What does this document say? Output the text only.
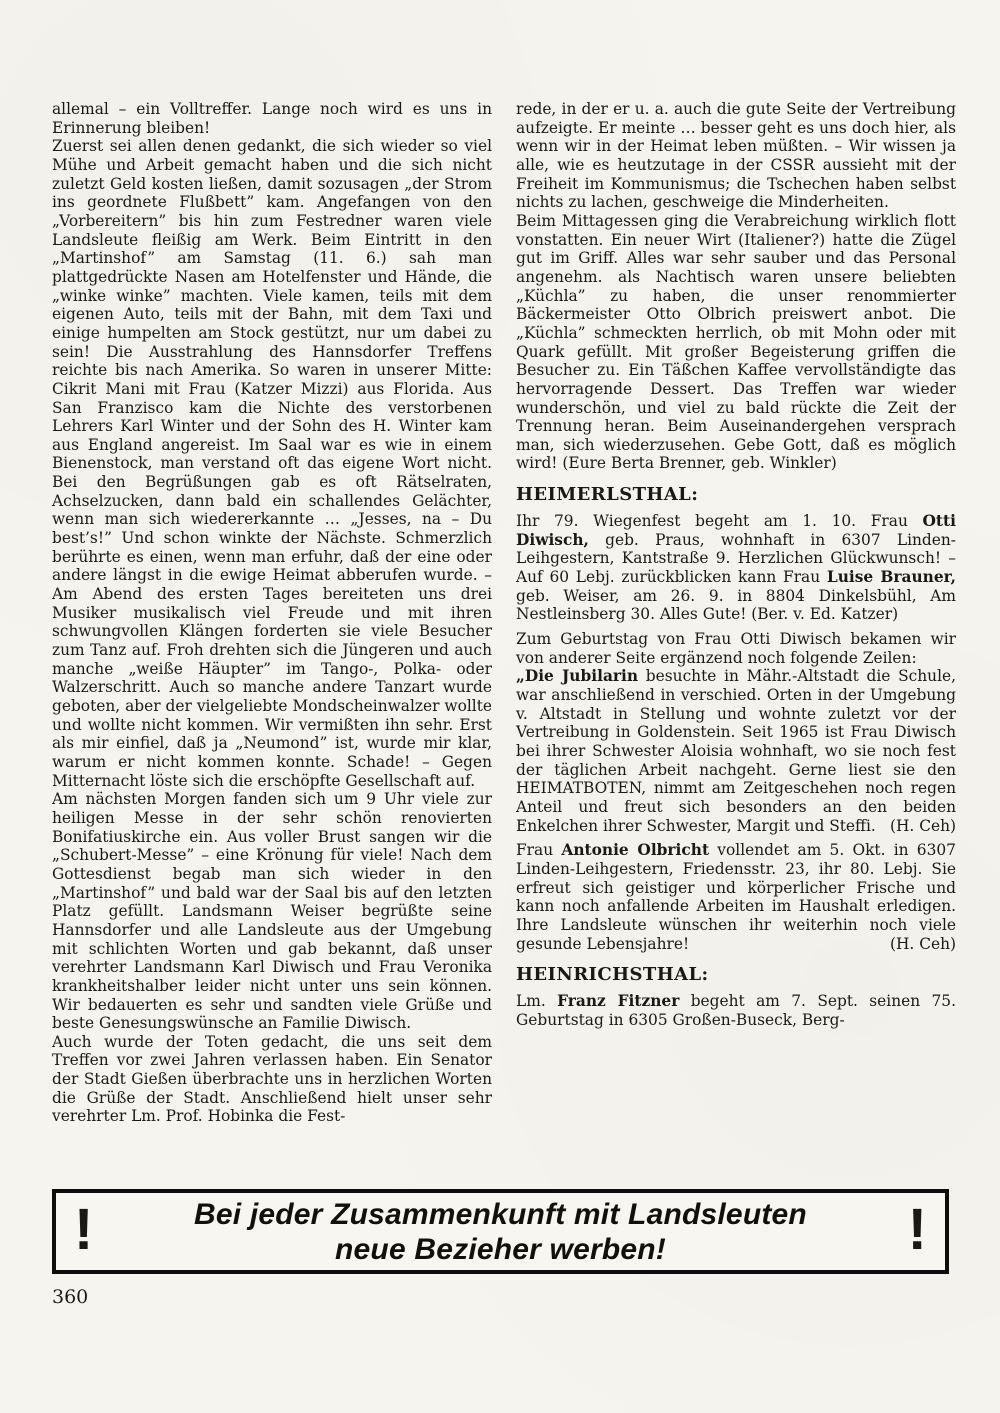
allemal – ein Volltreffer. Lange noch wird es uns in Erinnerung bleiben!

Zuerst sei allen denen gedankt, die sich wieder so viel Mühe und Arbeit gemacht haben und die sich nicht zuletzt Geld kosten ließen, damit sozusagen „der Strom ins geordnete Flußbett” kam. Angefangen von den „Vorbereitern” bis hin zum Festredner waren viele Landsleute fleißig am Werk. Beim Eintritt in den „Martinshof” am Samstag (11. 6.) sah man plattgedrückte Nasen am Hotelfenster und Hände, die „winke winke” machten. Viele kamen, teils mit dem eigenen Auto, teils mit der Bahn, mit dem Taxi und einige humpelten am Stock gestützt, nur um dabei zu sein! Die Ausstrahlung des Hannsdorfer Treffens reichte bis nach Amerika. So waren in unserer Mitte: Cikrit Mani mit Frau (Katzer Mizzi) aus Florida. Aus San Franzisco kam die Nichte des verstorbenen Lehrers Karl Winter und der Sohn des H. Winter kam aus England angereist. Im Saal war es wie in einem Bienenstock, man verstand oft das eigene Wort nicht. Bei den Begrüßungen gab es oft Rätselraten, Achselzucken, dann bald ein schallendes Gelächter, wenn man sich wiedererkannte … „Jesses, na – Du best’s!” Und schon winkte der Nächste. Schmerzlich berührte es einen, wenn man erfuhr, daß der eine oder andere längst in die ewige Heimat abberufen wurde. – Am Abend des ersten Tages bereiteten uns drei Musiker musikalisch viel Freude und mit ihren schwungvollen Klängen forderten sie viele Besucher zum Tanz auf. Froh drehten sich die Jüngeren und auch manche „weiße Häupter” im Tango-, Polka- oder Walzerschritt. Auch so manche andere Tanzart wurde geboten, aber der vielgeliebte Mondscheinwalzer wollte und wollte nicht kommen. Wir vermißten ihn sehr. Erst als mir einfiel, daß ja „Neumond” ist, wurde mir klar, warum er nicht kommen konnte. Schade! – Gegen Mitternacht löste sich die erschöpfte Gesellschaft auf.

Am nächsten Morgen fanden sich um 9 Uhr viele zur heiligen Messe in der sehr schön renovierten Bonifatiuskirche ein. Aus voller Brust sangen wir die „Schubert-Messe” – eine Krönung für viele! Nach dem Gottesdienst begab man sich wieder in den „Martinshof” und bald war der Saal bis auf den letzten Platz gefüllt. Landsmann Weiser begrüßte seine Hannsdorfer und alle Landsleute aus der Umgebung mit schlichten Worten und gab bekannt, daß unser verehrter Landsmann Karl Diwisch und Frau Veronika krankheitshalber leider nicht unter uns sein können. Wir bedauerten es sehr und sandten viele Grüße und beste Genesungswünsche an Familie Diwisch.

Auch wurde der Toten gedacht, die uns seit dem Treffen vor zwei Jahren verlassen haben. Ein Senator der Stadt Gießen überbrachte uns in herzlichen Worten die Grüße der Stadt. Anschließend hielt unser sehr verehrter Lm. Prof. Hobinka die Fest-

rede, in der er u. a. auch die gute Seite der Vertreibung aufzeigte. Er meinte … besser geht es uns doch hier, als wenn wir in der Heimat leben müßten. – Wir wissen ja alle, wie es heutzutage in der CSSR aussieht mit der Freiheit im Kommunismus; die Tschechen haben selbst nichts zu lachen, geschweige die Minderheiten.

Beim Mittagessen ging die Verabreichung wirklich flott vonstatten. Ein neuer Wirt (Italiener?) hatte die Zügel gut im Griff. Alles war sehr sauber und das Personal angenehm. als Nachtisch waren unsere beliebten „Küchla” zu haben, die unser renommierter Bäckermeister Otto Olbrich preiswert anbot. Die „Küchla” schmeckten herrlich, ob mit Mohn oder mit Quark gefüllt. Mit großer Begeisterung griffen die Besucher zu. Ein Täßchen Kaffee vervollständigte das hervorragende Dessert. Das Treffen war wieder wunderschön, und viel zu bald rückte die Zeit der Trennung heran. Beim Auseinandergehen versprach man, sich wiederzusehen. Gebe Gott, daß es möglich wird! (Eure Berta Brenner, geb. Winkler)

HEIMERLSTHAL:

Ihr 79. Wiegenfest begeht am 1. 10. Frau Otti Diwisch, geb. Praus, wohnhaft in 6307 Linden-Leihgestern, Kantstraße 9. Herzlichen Glückwunsch! – Auf 60 Lebj. zurückblicken kann Frau Luise Brauner, geb. Weiser, am 26. 9. in 8804 Dinkelsbühl, Am Nestleinsberg 30. Alles Gute! (Ber. v. Ed. Katzer)

Zum Geburtstag von Frau Otti Diwisch bekamen wir von anderer Seite ergänzend noch folgende Zeilen:

„Die Jubilarin besuchte in Mähr.-Altstadt die Schule, war anschließend in verschied. Orten in der Umgebung v. Altstadt in Stellung und wohnte zuletzt vor der Vertreibung in Goldenstein. Seit 1965 ist Frau Diwisch bei ihrer Schwester Aloisia wohnhaft, wo sie noch fest der täglichen Arbeit nachgeht. Gerne liest sie den HEIMATBOTEN, nimmt am Zeitgeschehen noch regen Anteil und freut sich besonders an den beiden Enkelchen ihrer Schwester, Margit und Steffi. (H. Ceh)

Frau Antonie Olbricht vollendet am 5. Okt. in 6307 Linden-Leihgestern, Friedensstr. 23, ihr 80. Lebj. Sie erfreut sich geistiger und körperlicher Frische und kann noch anfallende Arbeiten im Haushalt erledigen. Ihre Landsleute wünschen ihr weiterhin noch viele gesunde Lebensjahre!	(H. Ceh)

HEINRICHSTHAL:

Lm. Franz Fitzner begeht am 7. Sept. seinen 75. Geburtstag in 6305 Großen-Buseck, Berg-

!	Bei jeder Zusammenkunft mit Landsleuten
neue Bezieher werben!	!
360
